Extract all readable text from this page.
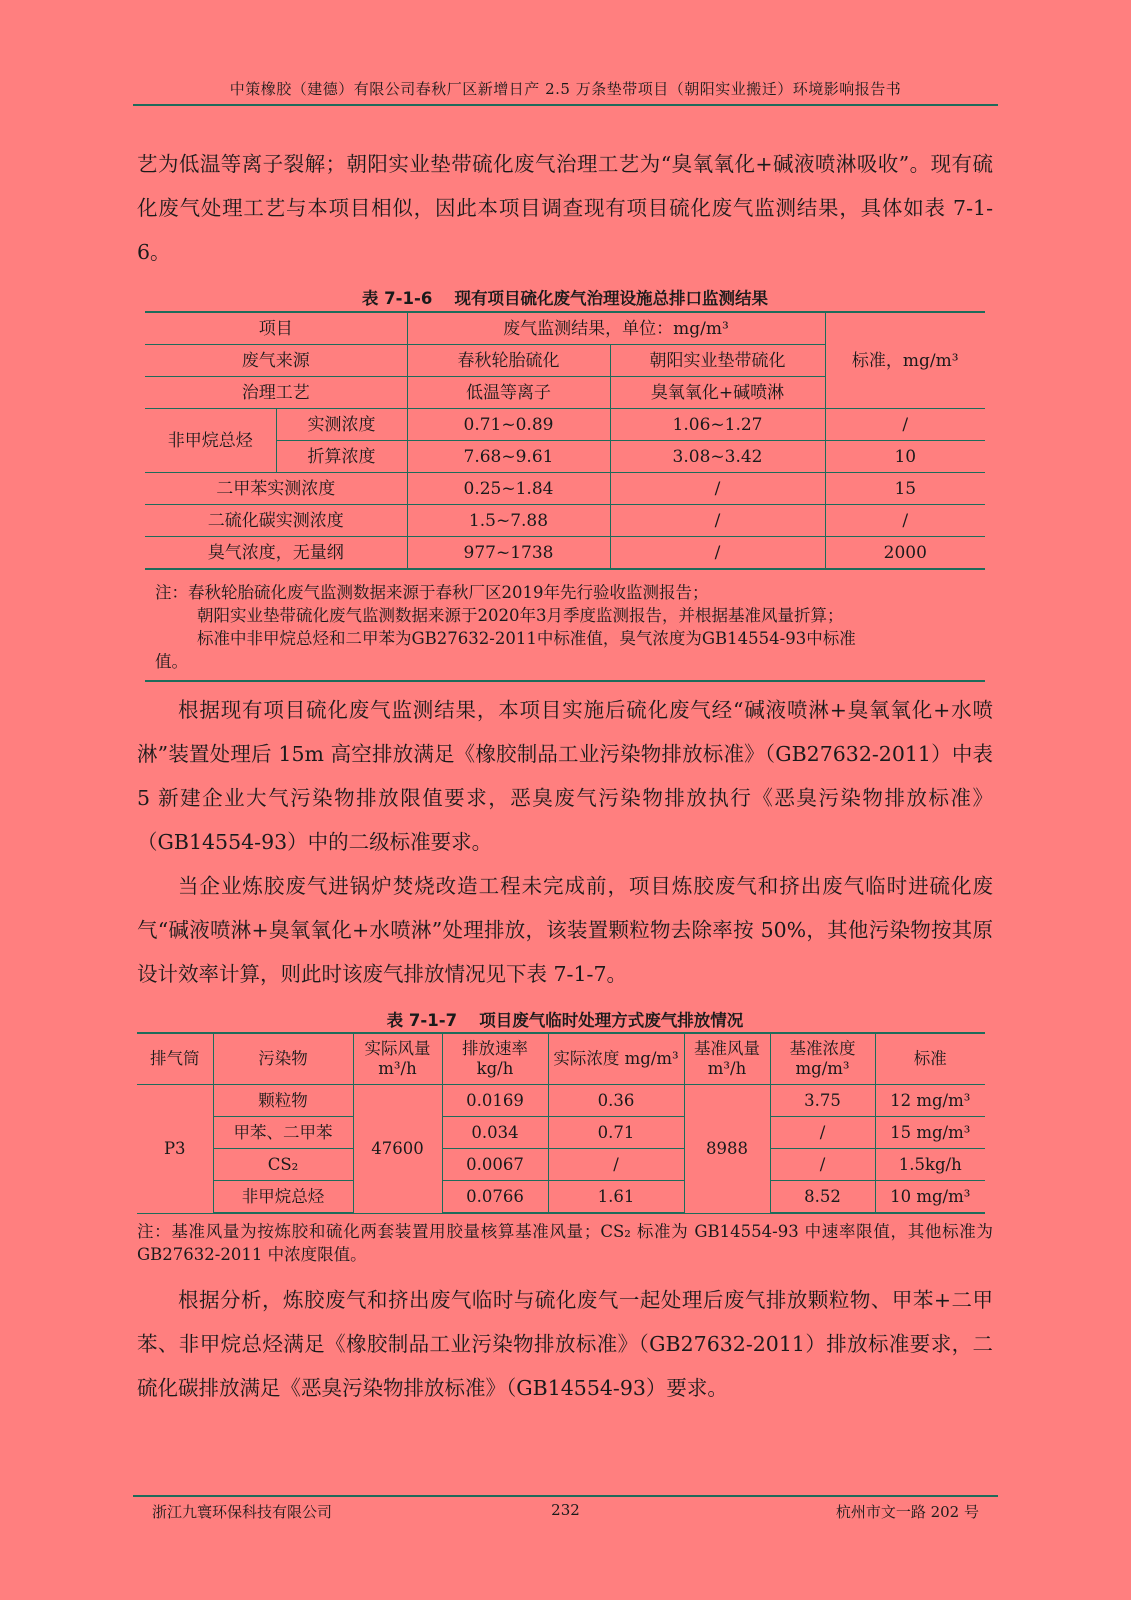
中策橡胶（建德）有限公司春秋厂区新增日产 2.5 万条垫带项目（朝阳实业搬迁）环境影响报告书

艺为低温等离子裂解；朝阳实业垫带硫化废气治理工艺为“臭氧氧化+碱液喷淋吸收”。现有硫化废气处理工艺与本项目相似，因此本项目调查现有项目硫化废气监测结果，具体如表 7-1-6。

表 7-1-6　 现有项目硫化废气治理设施总排口监测结果
项目		废气监测结果，单位：mg/m³		标准，mg/m³
废气来源		春秋轮胎硫化	朝阳实业垫带硫化	
治理工艺		低温等离子	臭氧氧化+碱喷淋	
非甲烷总烃	实测浓度	0.71~0.89	1.06~1.27	/
	折算浓度	7.68~9.61	3.08~3.42	10
二甲苯实测浓度		0.25~1.84	/	15
二硫化碳实测浓度		1.5~7.88	/	/
臭气浓度，无量纲		977~1738	/	2000
注：春秋轮胎硫化废气监测数据来源于春秋厂区2019年先行验收监测报告；
朝阳实业垫带硫化废气监测数据来源于2020年3月季度监测报告，并根据基准风量折算；
标准中非甲烷总烃和二甲苯为GB27632-2011中标准值，臭气浓度为GB14554-93中标准
值。

根据现有项目硫化废气监测结果，本项目实施后硫化废气经“碱液喷淋+臭氧氧化+水喷淋”装置处理后 15m 高空排放满足《橡胶制品工业污染物排放标准》（GB27632-2011）中表 5 新建企业大气污染物排放限值要求，恶臭废气污染物排放执行《恶臭污染物排放标准》（GB14554-93）中的二级标准要求。

当企业炼胶废气进锅炉焚烧改造工程未完成前，项目炼胶废气和挤出废气临时进硫化废气“碱液喷淋+臭氧氧化+水喷淋”处理排放，该装置颗粒物去除率按 50%，其他污染物按其原设计效率计算，则此时该废气排放情况见下表 7-1-7。

表 7-1-7　 项目废气临时处理方式废气排放情况
排气筒	污染物	实际风量 m³/h	排放速率 kg/h	实际浓度 mg/m³	基准风量 m³/h	基准浓度 mg/m³	标准
P3	颗粒物	47600	0.0169	0.36	8988	3.75	12 mg/m³
	甲苯、二甲苯		0.034	0.71		/	15 mg/m³
	CS₂		0.0067	/		/	1.5kg/h
	非甲烷总烃		0.0766	1.61		8.52	10 mg/m³

注：基准风量为按炼胶和硫化两套装置用胶量核算基准风量；CS₂ 标准为 GB14554-93 中速率限值，其他标准为 GB27632-2011 中浓度限值。

根据分析，炼胶废气和挤出废气临时与硫化废气一起处理后废气排放颗粒物、甲苯+二甲苯、非甲烷总烃满足《橡胶制品工业污染物排放标准》（GB27632-2011）排放标准要求，二硫化碳排放满足《恶臭污染物排放标准》（GB14554-93）要求。

浙江九寰环保科技有限公司	232	杭州市文一路 202 号
